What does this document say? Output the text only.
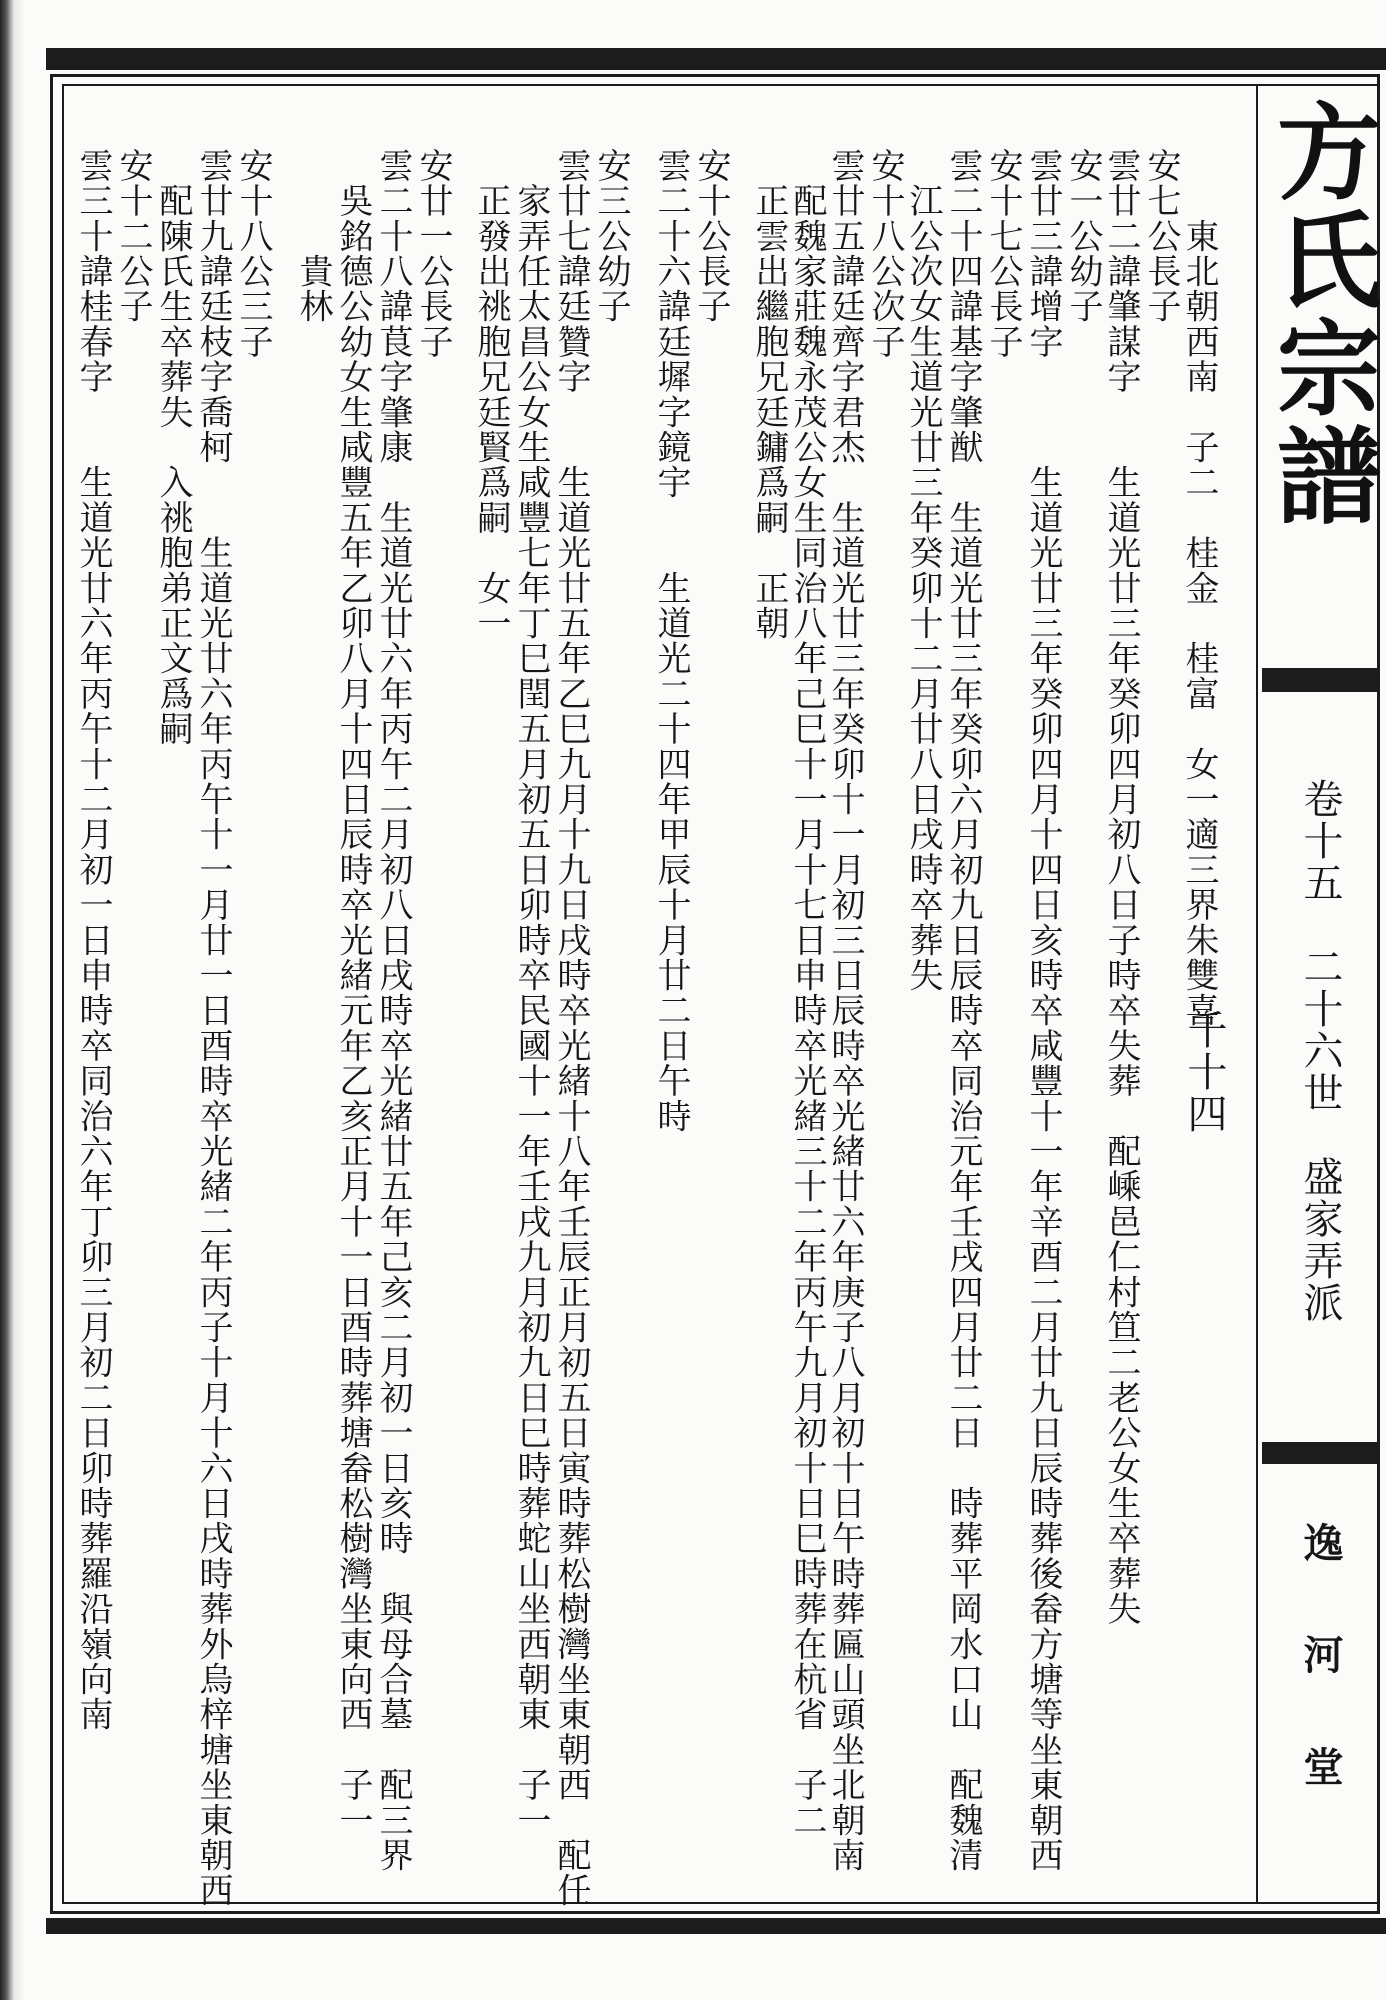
方氏宗譜
卷十五　二十六世　盛家弄派　千十四
逸河堂
　　東北朝西南　子二　桂金　桂富　女一適三界朱雙喜
安七公長子
雲廿二諱肇謀字　　生道光廿三年癸卯四月初八日子時卒失葬　配嵊邑仁村笪二老公女生卒葬失
安一公幼子
雲廿三諱增字　　　生道光廿三年癸卯四月十四日亥時卒咸豐十一年辛酉二月廿九日辰時葬後畚方塘等坐東朝西
安十七公長子
雲二十四諱基字肇猷　生道光廿三年癸卯六月初九日辰時卒同治元年壬戌四月廿二日　時葬平岡水口山　配魏清
　江公次女生道光廿三年癸卯十二月廿八日戌時卒葬失
安十八公次子
雲廿五諱廷齊字君杰　生道光廿三年癸卯十一月初三日辰時卒光緒廿六年庚子八月初十日午時葬匾山頭坐北朝南
　配魏家莊魏永茂公女生同治八年己巳十一月十七日申時卒光緒三十二年丙午九月初十日巳時葬在杭省　子二
　正雲出繼胞兄廷鏞爲嗣　正朝
安十公長子
雲二十六諱廷墀字鏡宇　　生道光二十四年甲辰十月廿二日午時
安三公幼子
雲廿七諱廷贊字　　生道光廿五年乙巳九月十九日戌時卒光緒十八年壬辰正月初五日寅時葬松樹灣坐東朝西　配任
　家弄任太昌公女生咸豐七年丁巳閏五月初五日卯時卒民國十一年壬戌九月初九日巳時葬蛇山坐西朝東　子一
　正發出祧胞兄廷賢爲嗣　女一
安廿一公長子
雲二十八諱茛字肇康　生道光廿六年丙午二月初八日戌時卒光緒廿五年己亥二月初一日亥時　與母合墓　配三界
　吳銘德公幼女生咸豐五年乙卯八月十四日辰時卒光緒元年乙亥正月十一日酉時葬塘畚松樹灣坐東向西　子一
　　　貴林
安十八公三子
雲廿九諱廷枝字喬柯　　生道光廿六年丙午十一月廿一日酉時卒光緒二年丙子十月十六日戌時葬外烏梓塘坐東朝西
　配陳氏生卒葬失　入祧胞弟正文爲嗣
安十二公子
雲三十諱桂春字　　生道光廿六年丙午十二月初一日申時卒同治六年丁卯三月初二日卯時葬羅沿嶺向南
